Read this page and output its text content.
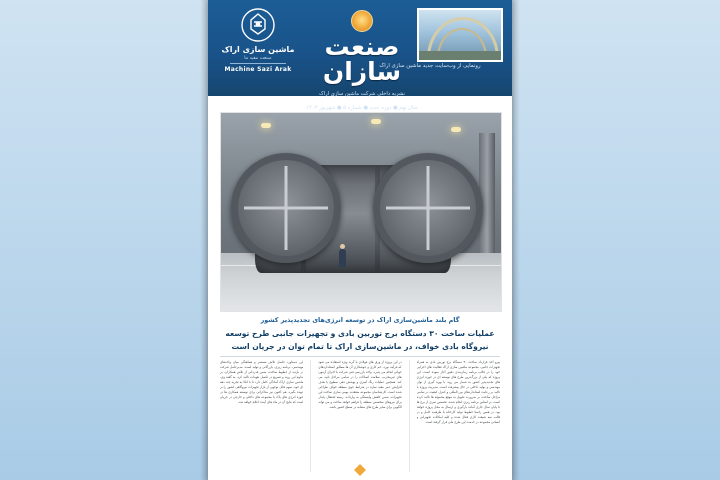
ماشین سازی اراک
صنعت مفید ما
Machine Sazi Arak
صنعت سازان
نشریه داخلی شرکت ماشین سازی اراک
سال نهم ● دوره جدید ● شماره ۵ ● شهریور ۱۴۰۳
رونمایی از وب‌سایت جدید ماشین سازی اراک
گام بلند ماشین‌سازی اراک در توسعه انرژی‌های تجدیدپذیر کشور
عملیات ساخت ۳۰ دستگاه برج توربین بادی و تجهیزات جانبی طرح توسعه
نیروگاه بادی خواف، در ماشین‌سازی اراک تا تمام توان در جریان است
پیرو اخذ قرارداد ساخت ۳۰ دستگاه برج توربین بادی به همراه تجهیزات جانبی، مجموعه ماشین سازی اراک فعالیت های اجرایی خود را در قالب برنامه زمان‌بندی دقیق آغاز نموده است. این پروژه که یکی از بزرگ‌ترین طرح های توسعه ای در حوزه انرژی های تجدیدپذیر کشور به شمار می رود، با بهره گیری از توان مهندسی و تولید داخلی در حال پیشرفت است. مدیریت پروژه با تاکید بر رعایت استانداردهای بین المللی و کنترل کیفیت در تمامی مراحل ساخت، بر ضرورت تحویل به موقع محموله ها تاکید کرده است. بر اساس برنامه ریزی انجام شده، نخستین سری از برج ها تا پایان سال جاری آماده بارگیری و ارسال به محل پروژه خواهد بود. در همین راستا خطوط تولید کارخانه با ظرفیت کامل و در قالب سه شیفت کاری فعال شده و کلیه امکانات تجهیزاتی و انسانی مجموعه در خدمت این طرح ملی قرار گرفته است.
در این پروژه از ورق های فولادی با گرید ویژه استفاده می شود که فرآیند نورد، خم کاری و جوشکاری آن ها مطابق استانداردهای جهانی انجام می پذیرد. واحد بازرسی فنی شرکت با اجرای آزمون های غیرمخرب، سلامت اتصالات را در تمامی مراحل تایید می کند. همچنین عملیات رنگ آمیزی و پوشش دهی سطوح با هدف افزایش عمر مفید سازه در شرایط جوی منطقه خواف طراحی شده است. کارشناسان مجموعه معتقدند بومی سازی ساخت این تجهیزات، ضمن کاهش وابستگی به واردات، زمینه اشتغال پایدار برای نیروهای متخصص منطقه را فراهم خواهد ساخت و می تواند الگویی برای سایر طرح های مشابه در سطح کشور باشد.
این دستاورد حاصل تلاش مستمر و هماهنگی میان واحدهای مهندسی، برنامه ریزی، بازرگانی و تولید است. مدیرعامل شرکت در بازدید از خطوط ساخت، ضمن قدردانی از تلاش همکاران، بر تداوم این روند و تسریع در تکمیل تعهدات تاکید کرد. به گفته وی، ماشین سازی اراک آمادگی کامل دارد تا با اتکا به تجربه چند دهه ای خود، سهم قابل توجهی از بازار تجهیزات نیروگاهی کشور را بر عهده بگیرد. هم اکنون نیز مذاکراتی برای توسعه همکاری ها در حوزه انرژی های پاک با مجموعه های داخلی و خارجی در جریان است که نتایج آن در ماه های آینده اعلام خواهد شد.
